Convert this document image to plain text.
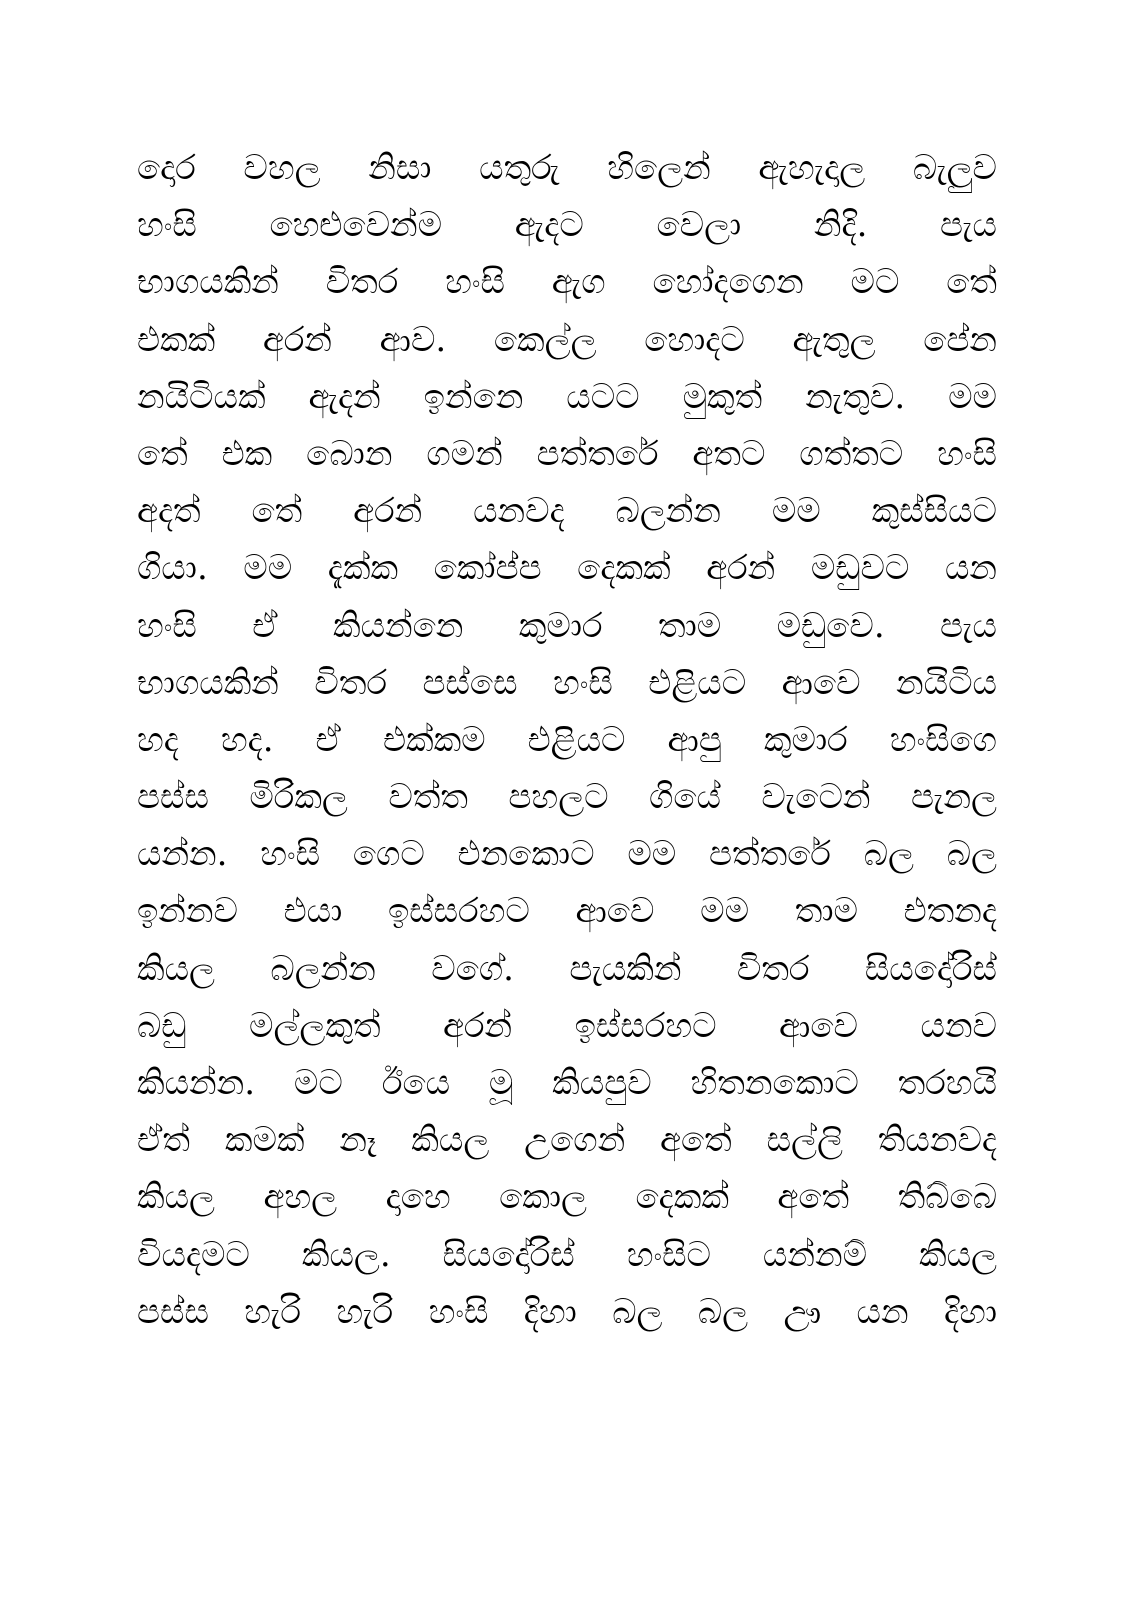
දොර වහල නිසා යතුරු හිලෙන් ඇහැදාල බැලුව
හංසි හෙළුවෙන්ම ඇදට වෙලා නිදි. පැය
භාගයකින් විතර හංසි ඇග හෝදගෙන මට තේ
එකක් අරන් ආව. කෙල්ල හොදට ඇතුල පේන
නයිටියක් ඇදන් ඉන්නෙ යටට මුකුත් නැතුව. මම
තේ එක බොන ගමන් පත්තරේ අතට ගත්තට හංසි
අදත් තේ අරන් යනවද බලන්න මම කුස්සියට
ගියා. මම දැක්ක කෝප්ප දෙකක් අරන් මඩුවට යන
හංසි ඒ කියන්නෙ කුමාර තාම මඩුවෙ. පැය
භාගයකින් විතර පස්සෙ හංසි එළියට ආවෙ නයිටිය
හද හද. ඒ එක්කම එළියට ආපු කුමාර හංසිගෙ
පස්ස මිරිකල වත්ත පහලට ගියේ වැටෙන් පැනල
යන්න. හංසි ගෙට එනකොට මම පත්තරේ බල බල
ඉන්නව එයා ඉස්සරහට ආවෙ මම තාම එතනද
කියල බලන්න වගේ. පැයකින් විතර සියදෝරිස්
බඩු මල්ලකුත් අරන් ඉස්සරහට ආවෙ යනව
කියන්න. මට ඊයෙ මූ කියපුව හිතනකොට තරහයි
ඒත් කමක් නෑ කියල උගෙන් අතේ සල්ලි තියනවද
කියල අහල දාහෙ කොල දෙකක් අතේ තිබ්බෙ
වියදමට කියල. සියදෝරිස් හංසිට යන්නම් කියල
පස්ස හැරි හැරි හංසි දිහා බල බල ඌ යන දිහා
